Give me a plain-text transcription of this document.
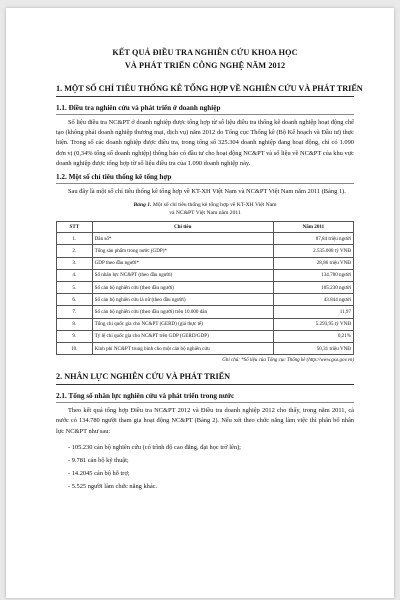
KẾT QUẢ ĐIỀU TRA NGHIÊN CỨU KHOA HỌC
VÀ PHÁT TRIỂN CÔNG NGHỆ NĂM 2012
1. MỘT SỐ CHỈ TIÊU THỐNG KÊ TỔNG HỢP VỀ NGHIÊN CỨU VÀ PHÁT TRIỂN
1.1. Điều tra nghiên cứu và phát triển ở doanh nghiệp

Số liệu điều tra NC&PT ở doanh nghiệp được tổng hợp từ số liệu điều tra thống kê doanh nghiệp hoạt động chế tạo (không phải doanh nghiệp thương mại, dịch vụ) năm 2012 do Tổng cục Thống kê (Bộ Kế hoạch và Đầu tư) thực hiện. Trong số các doanh nghiệp được điều tra, trong tổng số 325.304 doanh nghiệp đang hoạt động, chỉ có 1.090 đơn vị (0,34% tổng số doanh nghiệp) thông báo có đầu tư cho hoạt động NC&PT và số liệu về NC&PT của khu vực doanh nghiệp được tổng hợp từ số liệu điều tra của 1.090 doanh nghiệp này.

1.2. Một số chỉ tiêu thống kê tổng hợp

Sau đây là một số chỉ tiêu thống kê tổng hợp về KT-XH Việt Nam và NC&PT Việt Nam năm 2011 (Bảng 1).

Bảng 1. Một số chỉ tiêu thống kê tổng hợp về KT-XH Việt Nam
và NC&PT Việt Nam năm 2011
STT	Chỉ tiêu	Năm 2011
1.	Dân số*	87,84 triệu người
2.	Tổng sản phẩm trong nước (GDP)*	2.535.008 tỷ VNĐ
3.	GDP theo đầu người*	28,86 triệu VNĐ
4.	Số nhân lực NC&PT (theo đầu người)	134.780 người
5.	Số cán bộ nghiên cứu (theo đầu người)	105.230 người
6.	Số cán bộ nghiên cứu là nữ (theo đầu người)	43.844 người
7.	Số cán bộ nghiên cứu (theo đầu người) trên 10.000 dân	11,97
8.	Tổng chi quốc gia cho NC&PT (GERD) (giá thực tế)	5.293,95 tỷ VNĐ
9.	Tỷ lệ chi quốc gia cho NC&PT trên GDP (GERD/GDP)	0,21%
10.	Kinh phí NC&PT trung bình cho một cán bộ nghiên cứu	50,31 triệu VNĐ
Ghi chú: *Số liệu của Tổng cục Thống kê (http://www.gso.gov.vn)
2. NHÂN LỰC NGHIÊN CỨU VÀ PHÁT TRIỂN
2.1. Tổng số nhân lực nghiên cứu và phát triển trong nước

Theo kết quả tổng hợp Điều tra NC&PT 2012 và Điều tra doanh nghiệp 2012 cho thấy, trong năm 2011, cả nước có 134.780 người tham gia hoạt động NC&PT (Bảng 2). Nếu xét theo chức năng làm việc thì phân bổ nhân lực NC&PT như sau:

- 105.230 cán bộ nghiên cứu (có trình độ cao đẳng, đại học trở lên);
- 9.781 cán bộ kỹ thuật;
- 14.2045 cán bộ hỗ trợ;
- 5.525 người làm chức năng khác.
